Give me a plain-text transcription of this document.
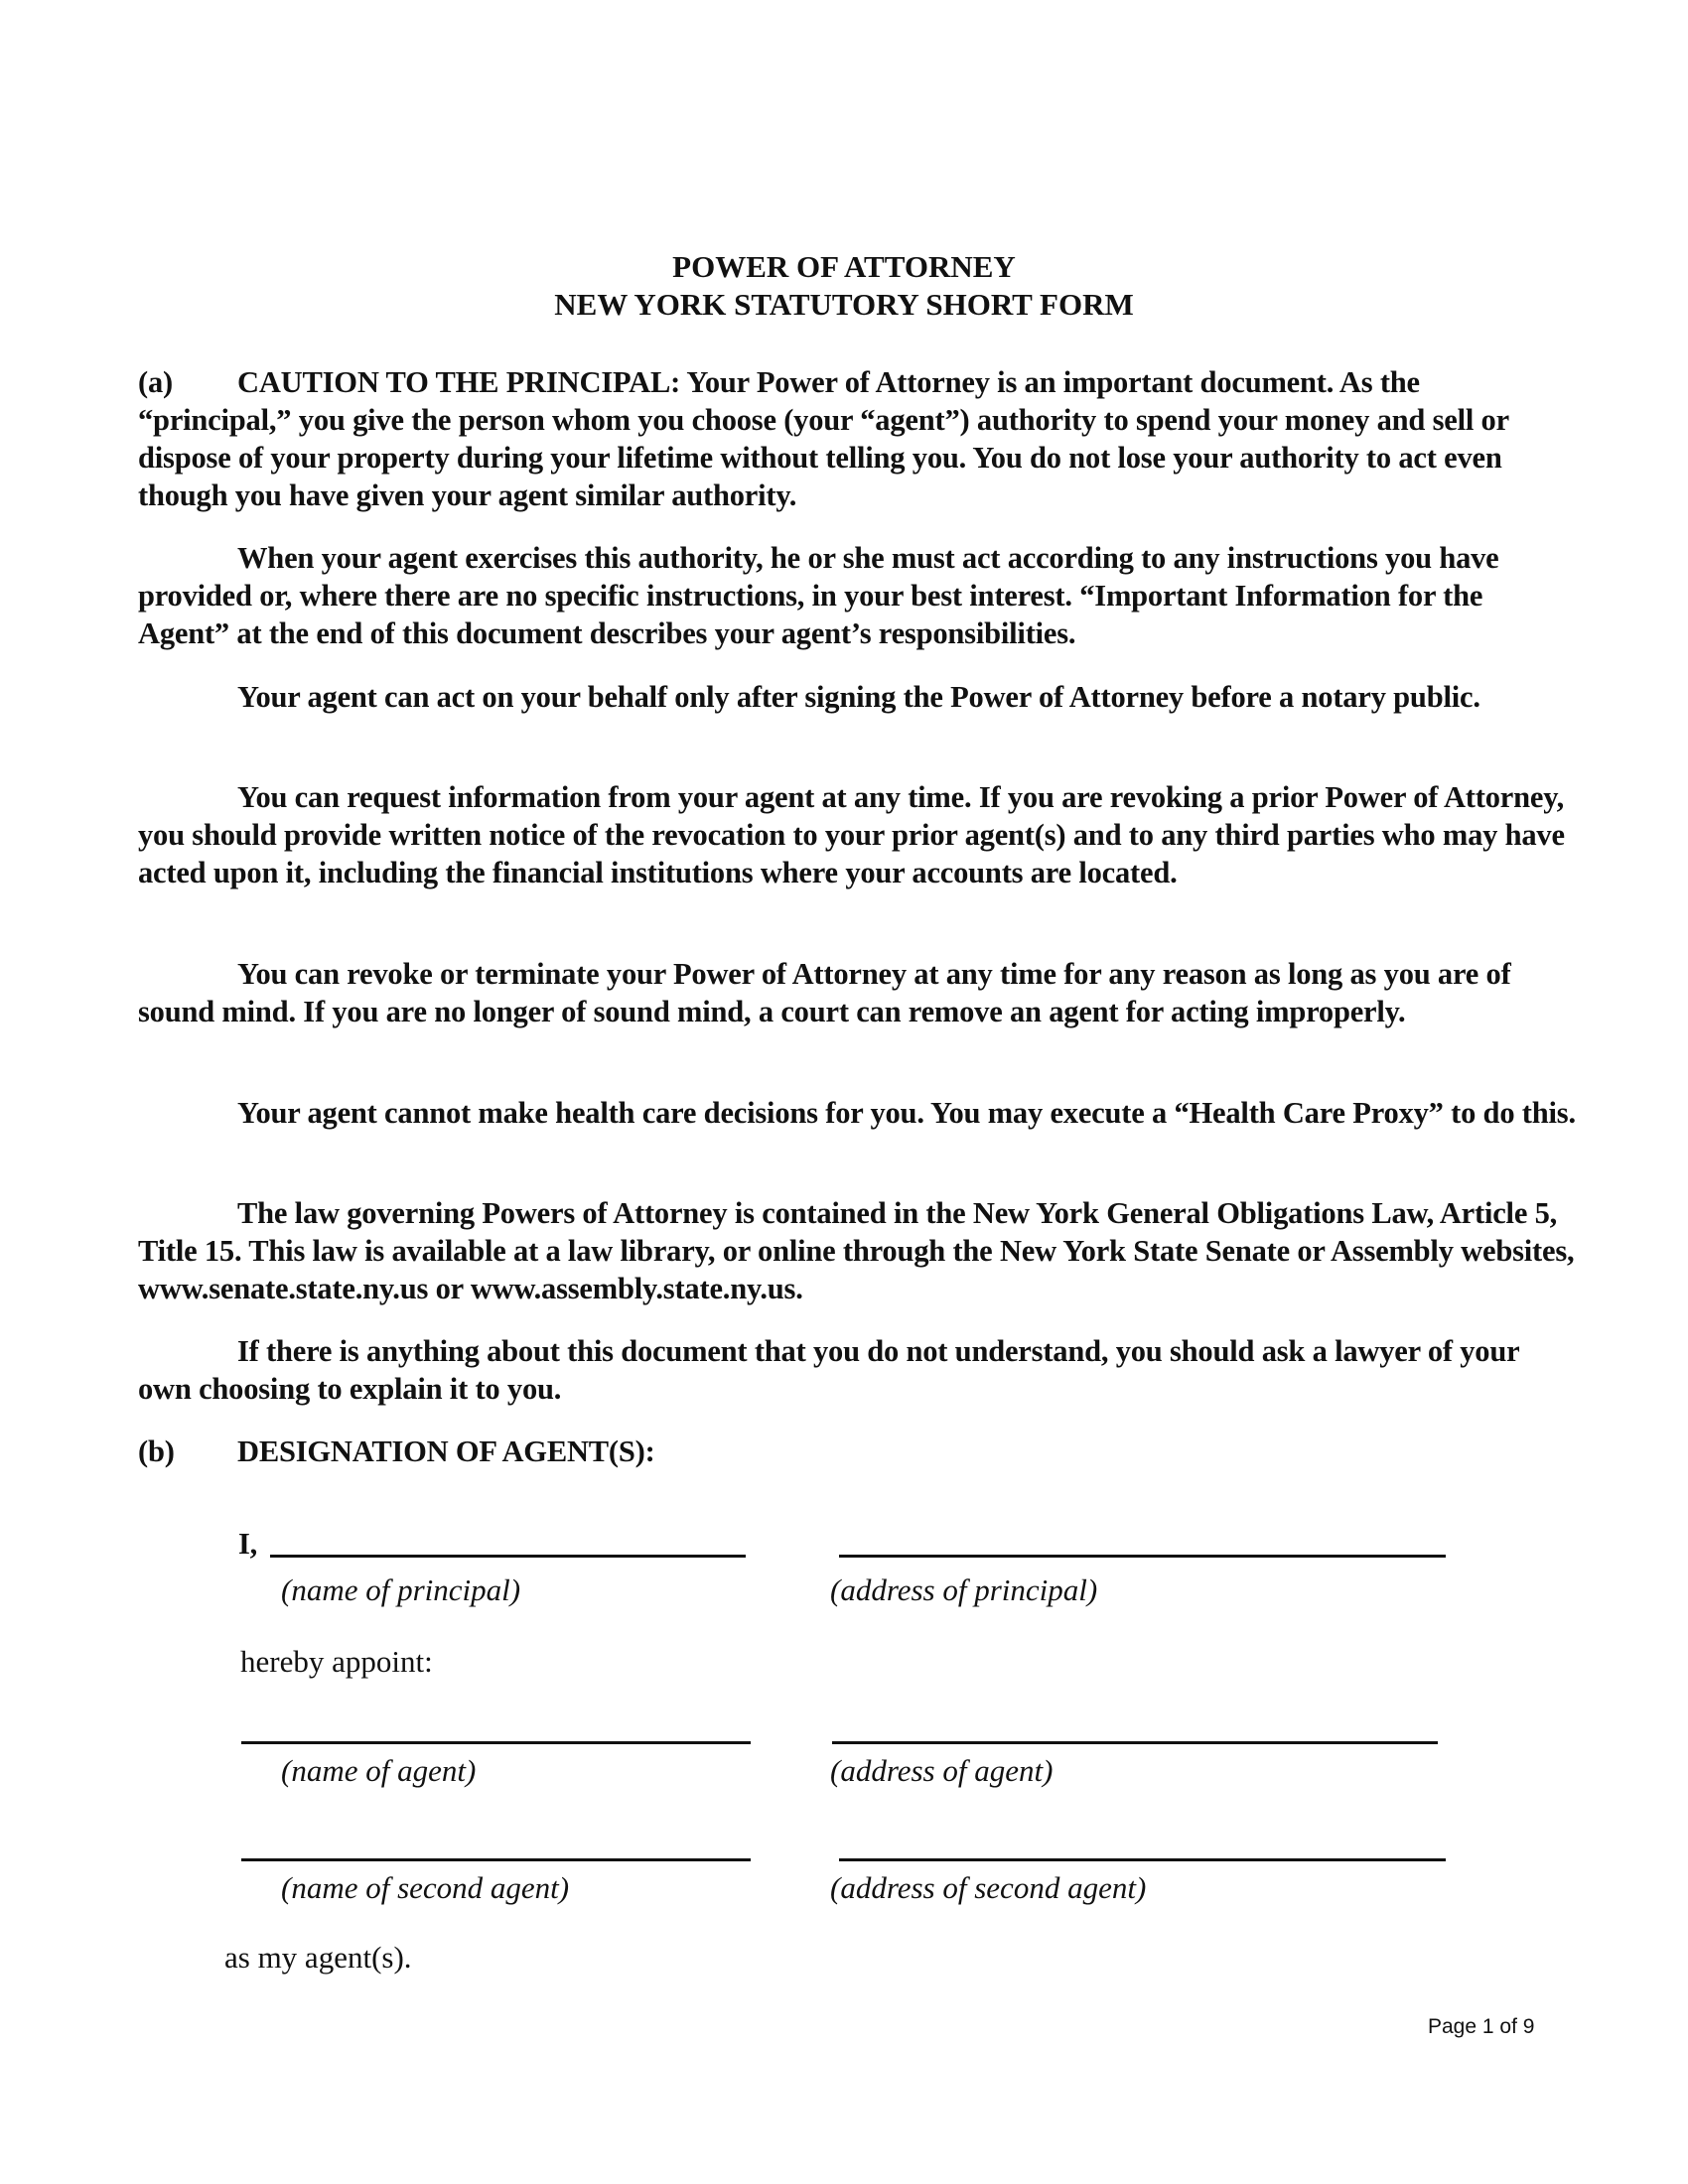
POWER OF ATTORNEY
NEW YORK STATUTORY SHORT FORM
(a) CAUTION TO THE PRINCIPAL: Your Power of Attorney is an important document. As the “principal,” you give the person whom you choose (your “agent”) authority to spend your money and sell or dispose of your property during your lifetime without telling you. You do not lose your authority to act even though you have given your agent similar authority.
When your agent exercises this authority, he or she must act according to any instructions you have provided or, where there are no specific instructions, in your best interest. “Important Information for the Agent” at the end of this document describes your agent’s responsibilities.
Your agent can act on your behalf only after signing the Power of Attorney before a notary public.
You can request information from your agent at any time. If you are revoking a prior Power of Attorney, you should provide written notice of the revocation to your prior agent(s) and to any third parties who may have acted upon it, including the financial institutions where your accounts are located.
You can revoke or terminate your Power of Attorney at any time for any reason as long as you are of sound mind. If you are no longer of sound mind, a court can remove an agent for acting improperly.
Your agent cannot make health care decisions for you. You may execute a “Health Care Proxy” to do this.
The law governing Powers of Attorney is contained in the New York General Obligations Law, Article 5, Title 15. This law is available at a law library, or online through the New York State Senate or Assembly websites, www.senate.state.ny.us or www.assembly.state.ny.us.
If there is anything about this document that you do not understand, you should ask a lawyer of your own choosing to explain it to you.
(b) DESIGNATION OF AGENT(S):
I,
(name of principal)	(address of principal)
hereby appoint:
(name of agent)	(address of agent)
(name of second agent)	(address of second agent)
as my agent(s).
Page 1 of 9
